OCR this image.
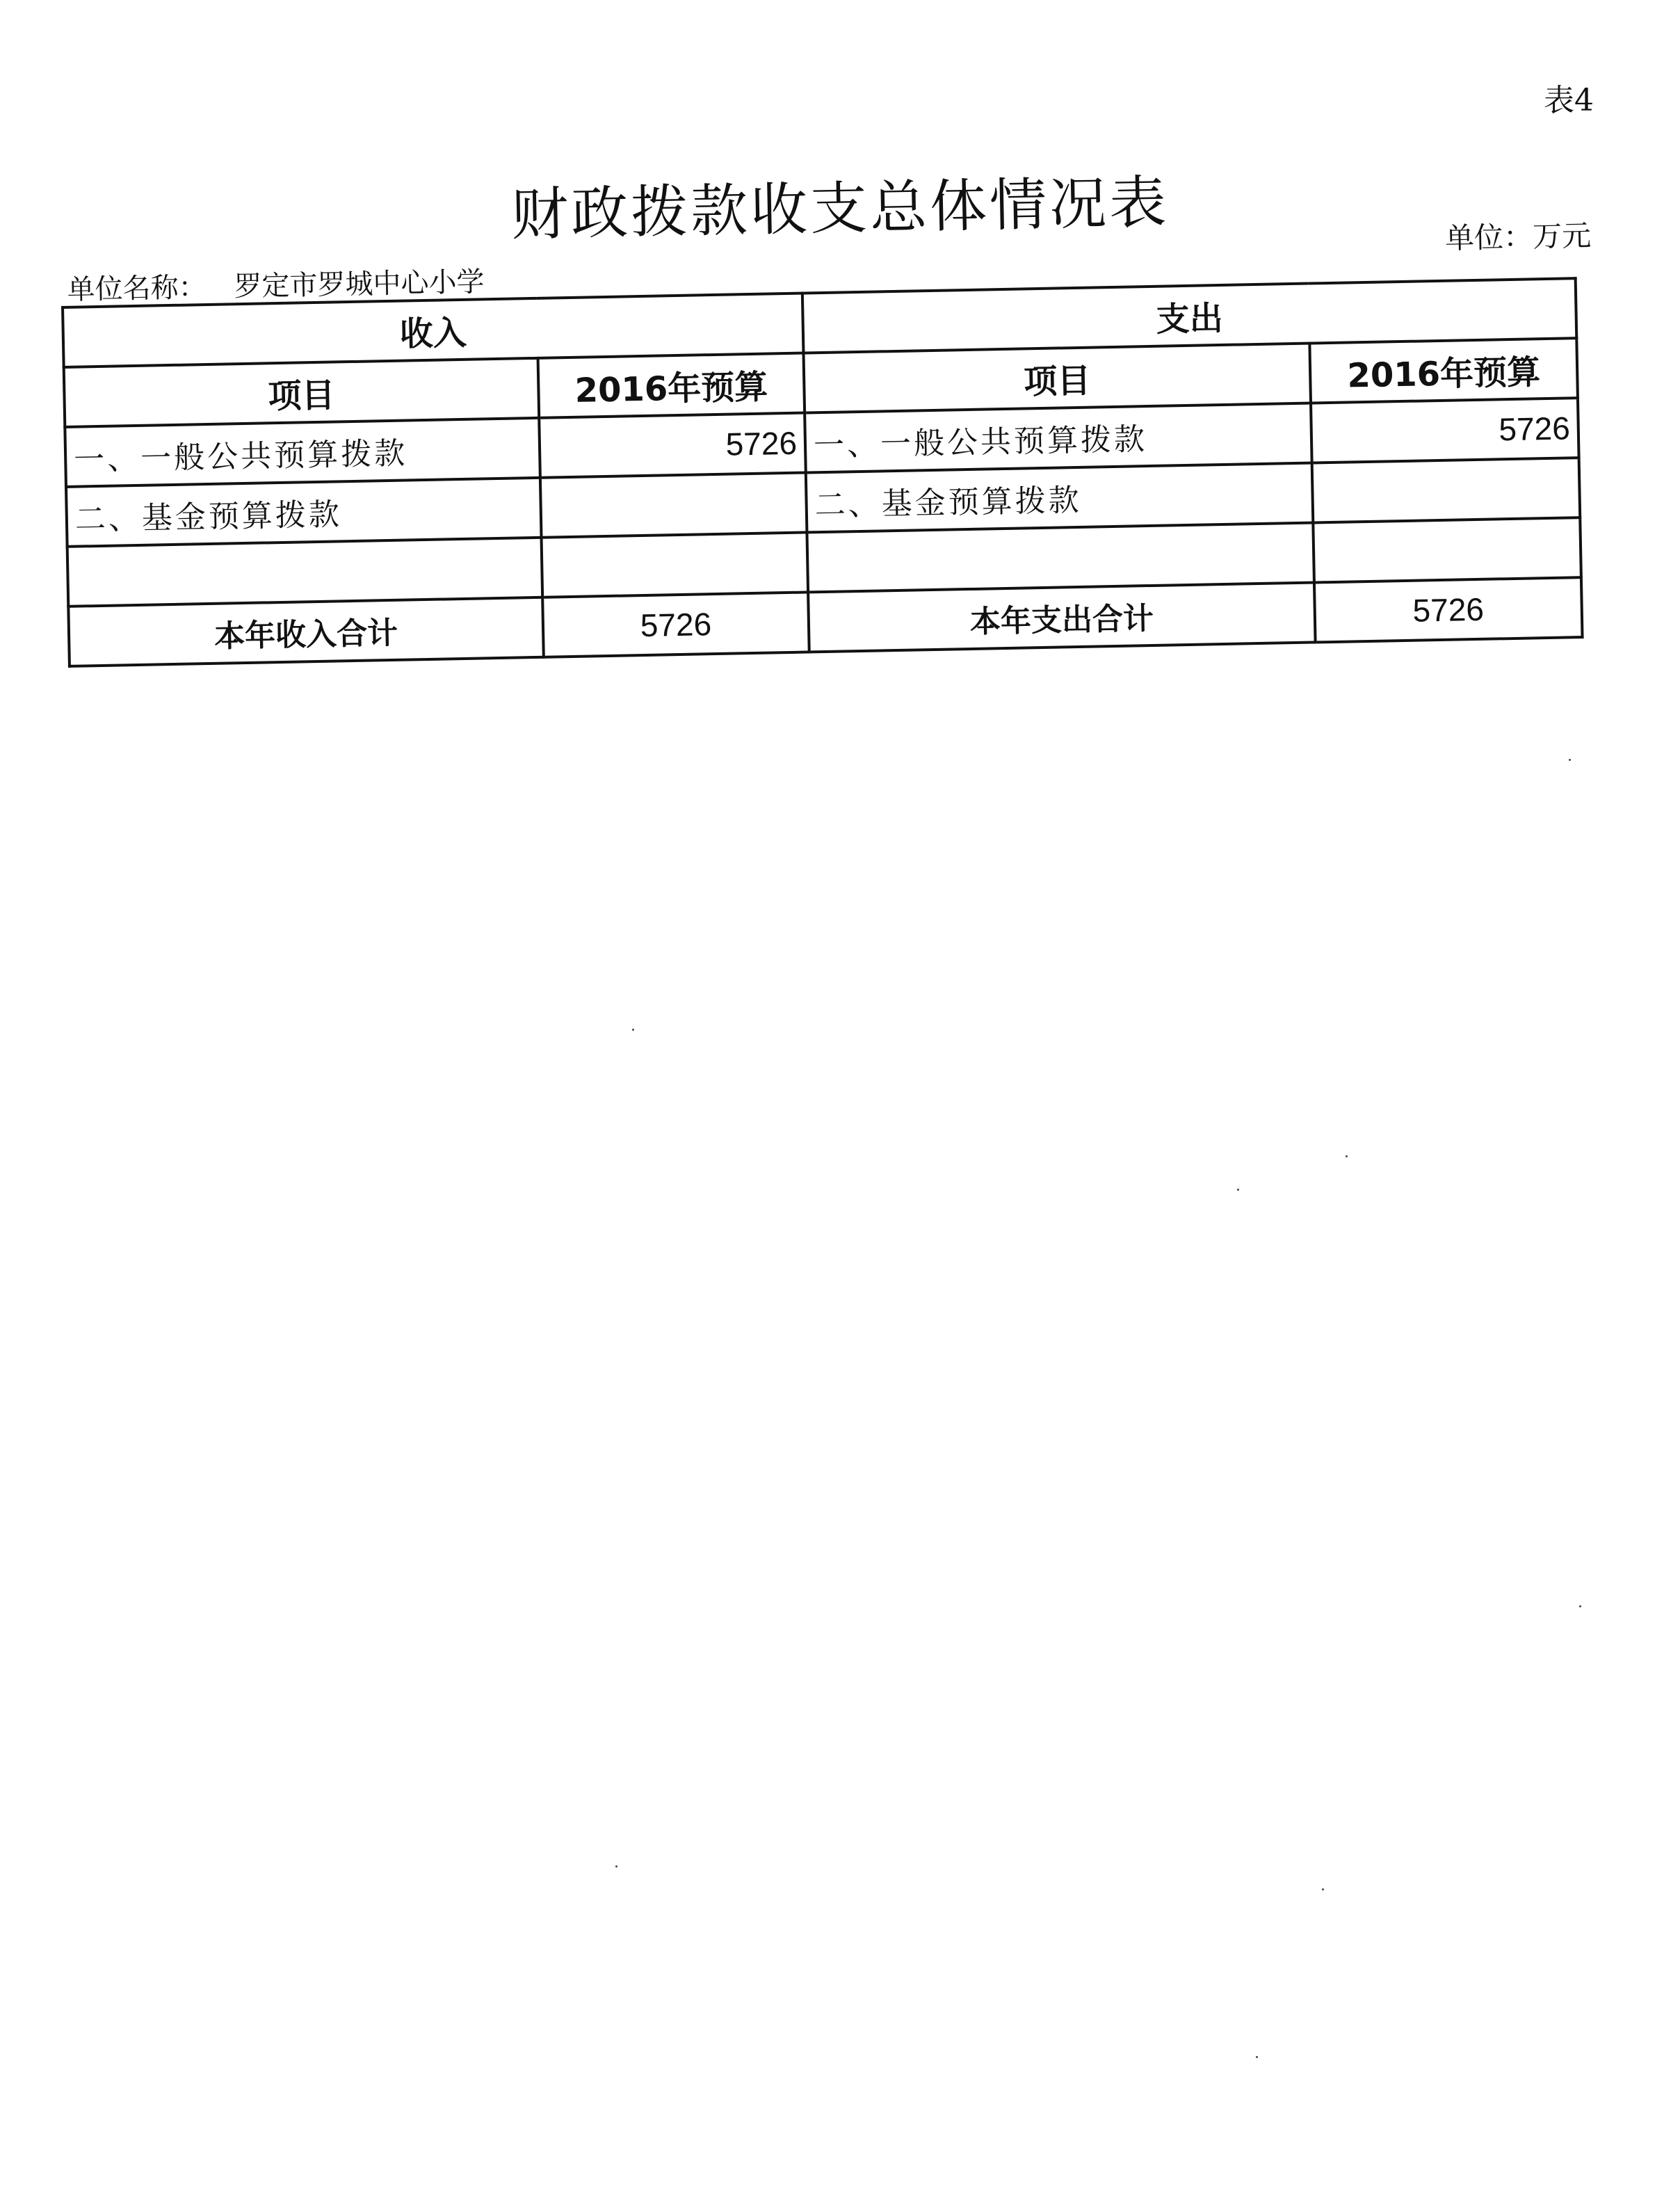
表4
财政拨款收支总体情况表	单位：万元
单位名称： 罗定市罗城中心小学
收入		支出	
项目	2016年预算	项目	2016年预算
一、一般公共预算拨款	5726	一、一般公共预算拨款	5726
二、基金预算拨款		二、基金预算拨款	

本年收入合计	5726	本年支出合计	5726
